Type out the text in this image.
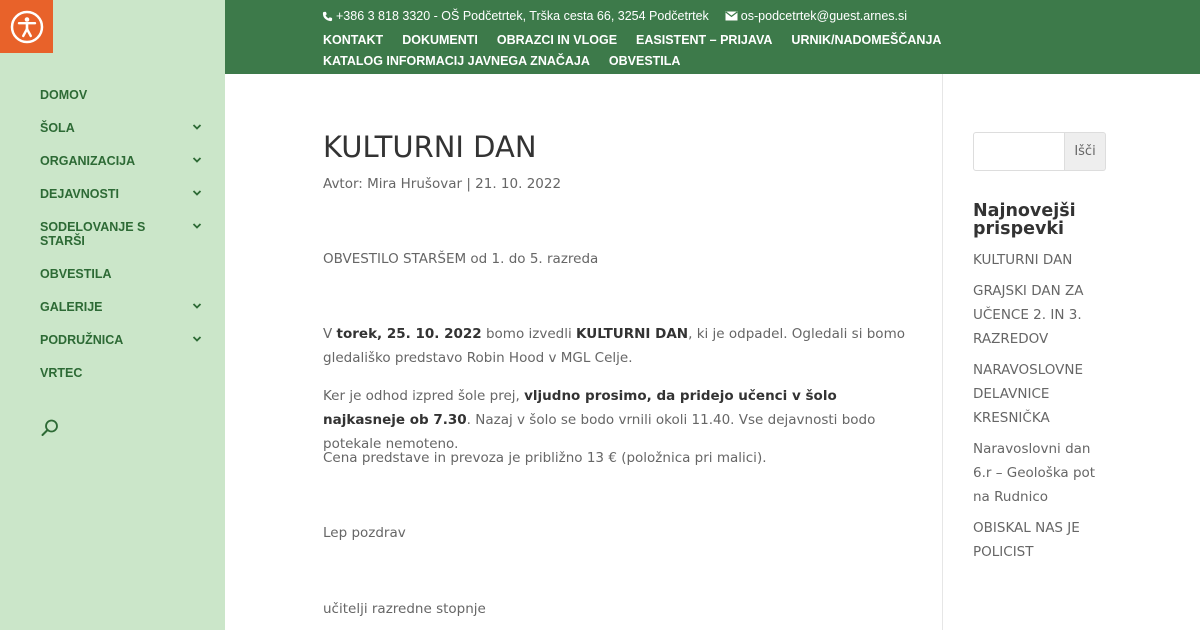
DOMOV
ŠOLA
ORGANIZACIJA
DEJAVNOSTI
SODELOVANJE S STARŠI
OBVESTILA
GALERIJE
PODRUŽNICA
VRTEC
+386 3 818 3320 - OŠ Podčetrtek, Trška cesta 66, 3254 Podčetrtek	os-podcetrtek@guest.arnes.si
KONTAKT DOKUMENTI OBRAZCI IN VLOGE EASISTENT – PRIJAVA URNIK/NADOMEŠČANJA
KATALOG INFORMACIJ JAVNEGA ZNAČAJA OBVESTILA
KULTURNI DAN
Avtor: Mira Hrušovar | 21. 10. 2022

OBVESTILO STARŠEM od 1. do 5. razreda

V torek, 25. 10. 2022 bomo izvedli KULTURNI DAN, ki je odpadel. Ogledali si bomo gledališko predstavo Robin Hood v MGL Celje.

Ker je odhod izpred šole prej, vljudno prosimo, da pridejo učenci v šolo najkasneje ob 7.30. Nazaj v šolo se bodo vrnili okoli 11.40. Vse dejavnosti bodo potekale nemoteno.

Cena predstave in prevoza je približno 13 € (položnica pri malici).

Lep pozdrav

učitelji razredne stopnje

Išči
Najnovejši prispevki
KULTURNI DAN
GRAJSKI DAN ZA UČENCE 2. IN 3. RAZREDOV
NARAVOSLOVNE DELAVNICE KRESNIČKA
Naravoslovni dan 6.r – Geološka pot na Rudnico
OBISKAL NAS JE POLICIST
